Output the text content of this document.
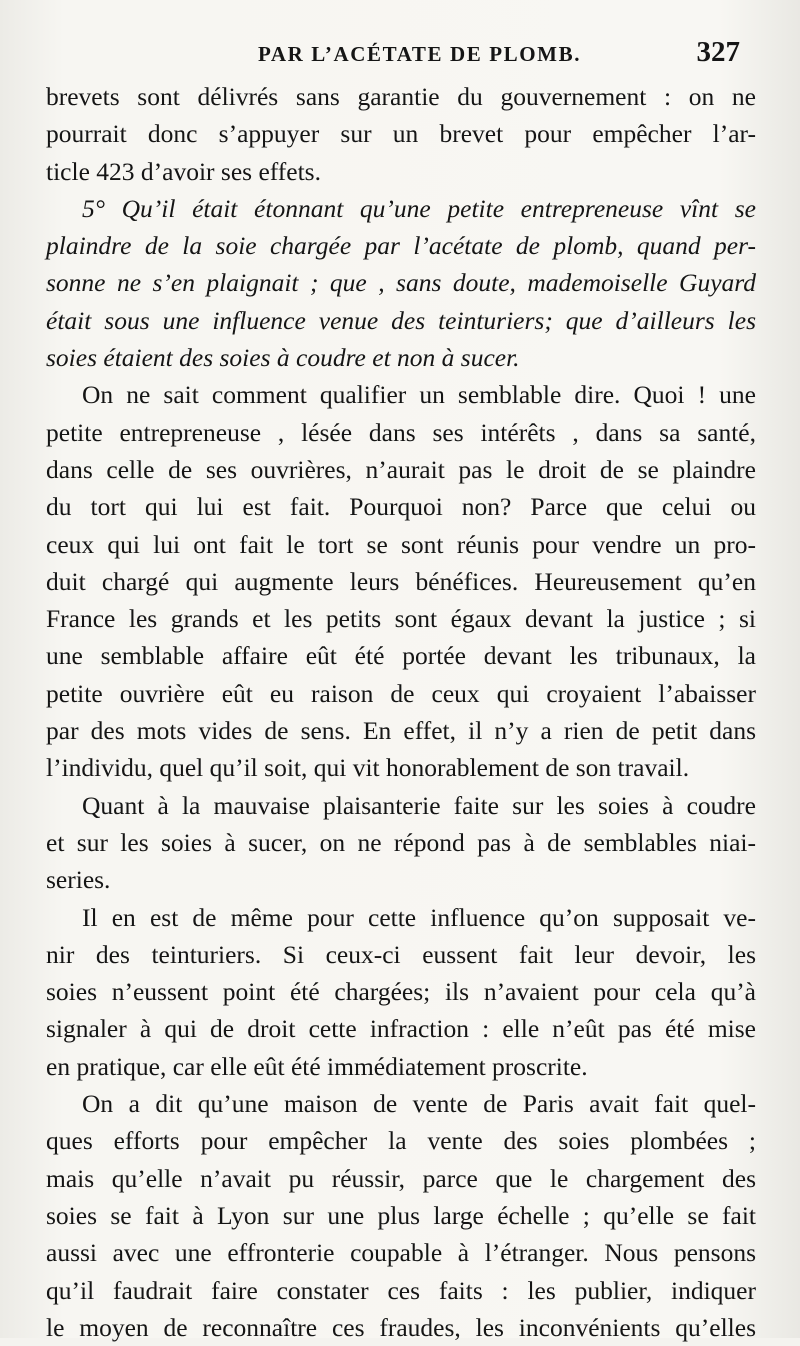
PAR L’ACÉTATE DE PLOMB.	327
brevets sont délivrés sans garantie du gouvernement : on ne
pourrait donc s’appuyer sur un brevet pour empêcher l’ar-
ticle 423 d’avoir ses effets.
5° Qu’il était étonnant qu’une petite entrepreneuse vînt se
plaindre de la soie chargée par l’acétate de plomb, quand per-
sonne ne s’en plaignait ; que , sans doute, mademoiselle Guyard
était sous une influence venue des teinturiers; que d’ailleurs les
soies étaient des soies à coudre et non à sucer.
On ne sait comment qualifier un semblable dire. Quoi ! une
petite entrepreneuse , lésée dans ses intérêts , dans sa santé,
dans celle de ses ouvrières, n’aurait pas le droit de se plaindre
du tort qui lui est fait. Pourquoi non? Parce que celui ou
ceux qui lui ont fait le tort se sont réunis pour vendre un pro-
duit chargé qui augmente leurs bénéfices. Heureusement qu’en
France les grands et les petits sont égaux devant la justice ; si
une semblable affaire eût été portée devant les tribunaux, la
petite ouvrière eût eu raison de ceux qui croyaient l’abaisser
par des mots vides de sens. En effet, il n’y a rien de petit dans
l’individu, quel qu’il soit, qui vit honorablement de son travail.
Quant à la mauvaise plaisanterie faite sur les soies à coudre
et sur les soies à sucer, on ne répond pas à de semblables niai-
series.
Il en est de même pour cette influence qu’on supposait ve-
nir des teinturiers. Si ceux-ci eussent fait leur devoir, les
soies n’eussent point été chargées; ils n’avaient pour cela qu’à
signaler à qui de droit cette infraction : elle n’eût pas été mise
en pratique, car elle eût été immédiatement proscrite.
On a dit qu’une maison de vente de Paris avait fait quel-
ques efforts pour empêcher la vente des soies plombées ;
mais qu’elle n’avait pu réussir, parce que le chargement des
soies se fait à Lyon sur une plus large échelle ; qu’elle se fait
aussi avec une effronterie coupable à l’étranger. Nous pensons
qu’il faudrait faire constater ces faits : les publier, indiquer
le moyen de reconnaître ces fraudes, les inconvénients qu’elles
